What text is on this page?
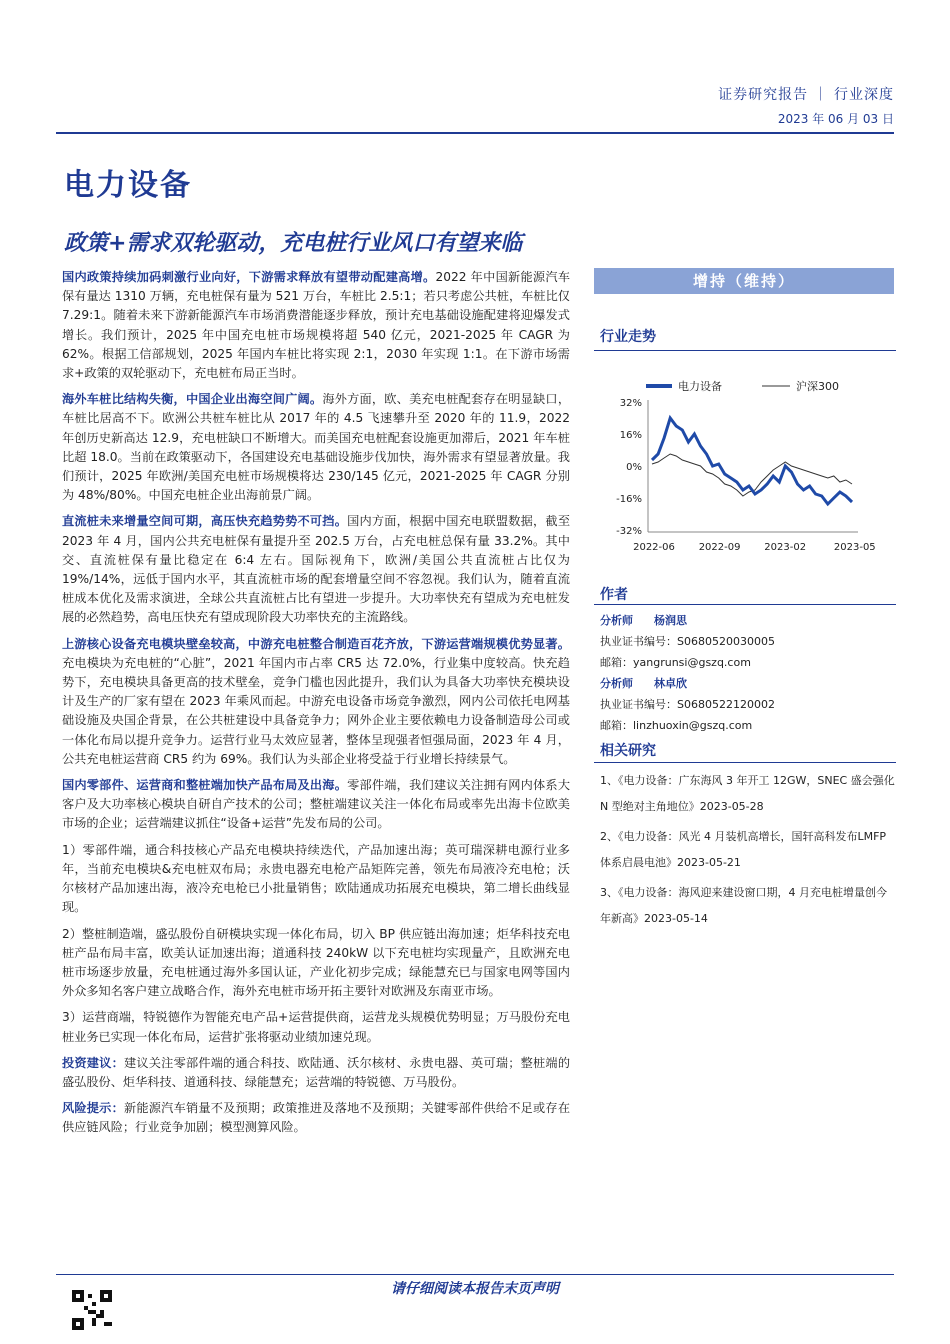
证券研究报告 ｜ 行业深度
2023 年 06 月 03 日
电力设备
政策+需求双轮驱动，充电桩行业风口有望来临

国内政策持续加码刺激行业向好，下游需求释放有望带动配建高增。2022 年中国新能源汽车保有量达 1310 万辆，充电桩保有量为 521 万台，车桩比 2.5:1；若只考虑公共桩，车桩比仅 7.29:1。随着未来下游新能源汽车市场消费潜能逐步释放，预计充电基础设施配建将迎爆发式增长。我们预计，2025 年中国充电桩市场规模将超 540 亿元，2021-2025 年 CAGR 为 62%。根据工信部规划，2025 年国内车桩比将实现 2:1，2030 年实现 1:1。在下游市场需求+政策的双轮驱动下，充电桩布局正当时。

海外车桩比结构失衡，中国企业出海空间广阔。海外方面，欧、美充电桩配套存在明显缺口，车桩比居高不下。欧洲公共桩车桩比从 2017 年的 4.5 飞速攀升至 2020 年的 11.9，2022 年创历史新高达 12.9，充电桩缺口不断增大。而美国充电桩配套设施更加滞后，2021 年车桩比超 18.0。当前在政策驱动下，各国建设充电基础设施步伐加快，海外需求有望显著放量。我们预计，2025 年欧洲/美国充电桩市场规模将达 230/145 亿元，2021-2025 年 CAGR 分别为 48%/80%。中国充电桩企业出海前景广阔。

直流桩未来增量空间可期，高压快充趋势势不可挡。国内方面，根据中国充电联盟数据，截至 2023 年 4 月，国内公共充电桩保有量提升至 202.5 万台，占充电桩总保有量 33.2%。其中交、直流桩保有量比稳定在 6:4 左右。国际视角下，欧洲/美国公共直流桩占比仅为 19%/14%，远低于国内水平，其直流桩市场的配套增量空间不容忽视。我们认为，随着直流桩成本优化及需求演进，全球公共直流桩占比有望进一步提升。大功率快充有望成为充电桩发展的必然趋势，高电压快充有望成现阶段大功率快充的主流路线。

上游核心设备充电模块壁垒较高，中游充电桩整合制造百花齐放，下游运营端规模优势显著。充电模块为充电桩的“心脏”，2021 年国内市占率 CR5 达 72.0%，行业集中度较高。快充趋势下，充电模块具备更高的技术壁垒，竞争门槛也因此提升，我们认为具备大功率快充模块设计及生产的厂家有望在 2023 年乘风而起。中游充电设备市场竞争激烈，网内公司依托电网基础设施及央国企背景，在公共桩建设中具备竞争力；网外企业主要依赖电力设备制造母公司或一体化布局以提升竞争力。运营行业马太效应显著，整体呈现强者恒强局面，2023 年 4 月，公共充电桩运营商 CR5 约为 69%。我们认为头部企业将受益于行业增长持续景气。

国内零部件、运营商和整桩端加快产品布局及出海。零部件端，我们建议关注拥有网内体系大客户及大功率核心模块自研自产技术的公司；整桩端建议关注一体化布局或率先出海卡位欧美市场的企业；运营端建议抓住“设备+运营”先发布局的公司。

1）零部件端，通合科技核心产品充电模块持续迭代，产品加速出海；英可瑞深耕电源行业多年，当前充电模块&充电桩双布局；永贵电器充电枪产品矩阵完善，领先布局液冷充电枪；沃尔核材产品加速出海，液冷充电枪已小批量销售；欧陆通成功拓展充电模块，第二增长曲线显现。

2）整桩制造端，盛弘股份自研模块实现一体化布局，切入 BP 供应链出海加速；炬华科技充电桩产品布局丰富，欧美认证加速出海；道通科技 240kW 以下充电桩均实现量产，且欧洲充电桩市场逐步放量，充电桩通过海外多国认证，产业化初步完成；绿能慧充已与国家电网等国内外众多知名客户建立战略合作，海外充电桩市场开拓主要针对欧洲及东南亚市场。

3）运营商端，特锐德作为智能充电产品+运营提供商，运营龙头规模优势明显；万马股份充电桩业务已实现一体化布局，运营扩张将驱动业绩加速兑现。

投资建议：建议关注零部件端的通合科技、欧陆通、沃尔核材、永贵电器、英可瑞；整桩端的盛弘股份、炬华科技、道通科技、绿能慧充；运营端的特锐德、万马股份。

风险提示：新能源汽车销量不及预期；政策推进及落地不及预期；关键零部件供给不足或存在供应链风险；行业竞争加剧；模型测算风险。

增持（维持）
行业走势
电力设备	沪深300
32%
16%
0%
-16%
-32%
2022-06 2022-09 2023-02	2023-05
作者
分析师 杨润思
执业证书编号：S0680520030005
邮箱：yangrunsi@gszq.com
分析师 林卓欣
执业证书编号：S0680522120002
邮箱：linzhuoxin@gszq.com
相关研究
1、《电力设备：广东海风 3 年开工 12GW，SNEC 盛会强化 N 型绝对主角地位》2023-05-28
2、《电力设备：风光 4 月装机高增长，国轩高科发布LMFP 体系启晨电池》2023-05-21
3、《电力设备：海风迎来建设窗口期，4 月充电桩增量创今年新高》2023-05-14
请仔细阅读本报告末页声明
